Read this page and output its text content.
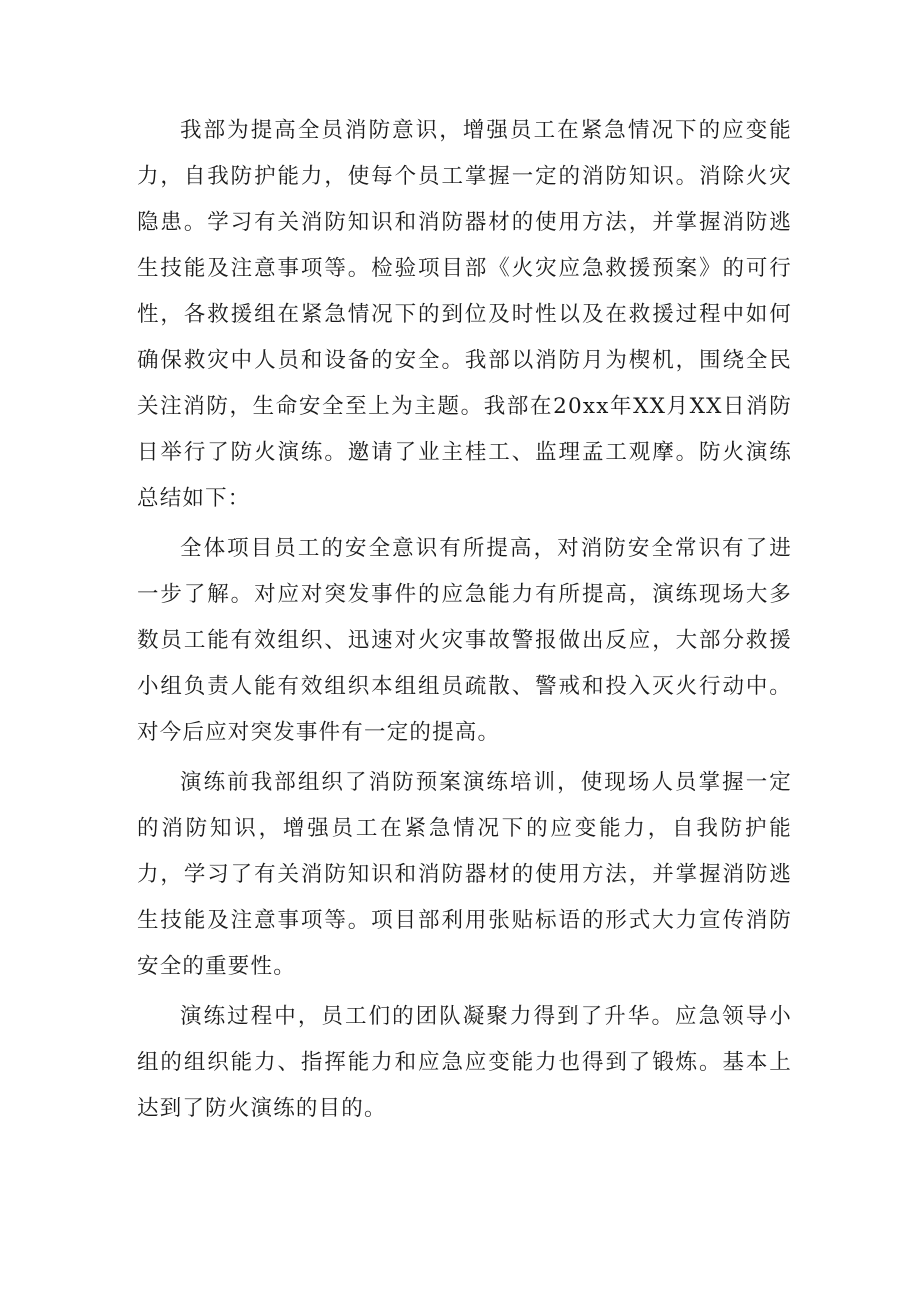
我部为提高全员消防意识，增强员工在紧急情况下的应变能力，自我防护能力，使每个员工掌握一定的消防知识。消除火灾隐患。学习有关消防知识和消防器材的使用方法，并掌握消防逃生技能及注意事项等。检验项目部《火灾应急救援预案》的可行性，各救援组在紧急情况下的到位及时性以及在救援过程中如何确保救灾中人员和设备的安全。我部以消防月为楔机，围绕全民关注消防，生命安全至上为主题。我部在20xx年XX月XX日消防日举行了防火演练。邀请了业主桂工、监理孟工观摩。防火演练总结如下：

全体项目员工的安全意识有所提高，对消防安全常识有了进一步了解。对应对突发事件的应急能力有所提高，演练现场大多数员工能有效组织、迅速对火灾事故警报做出反应，大部分救援小组负责人能有效组织本组组员疏散、警戒和投入灭火行动中。对今后应对突发事件有一定的提高。

演练前我部组织了消防预案演练培训，使现场人员掌握一定的消防知识，增强员工在紧急情况下的应变能力，自我防护能力，学习了有关消防知识和消防器材的使用方法，并掌握消防逃生技能及注意事项等。项目部利用张贴标语的形式大力宣传消防安全的重要性。

演练过程中，员工们的团队凝聚力得到了升华。应急领导小组的组织能力、指挥能力和应急应变能力也得到了锻炼。基本上达到了防火演练的目的。
